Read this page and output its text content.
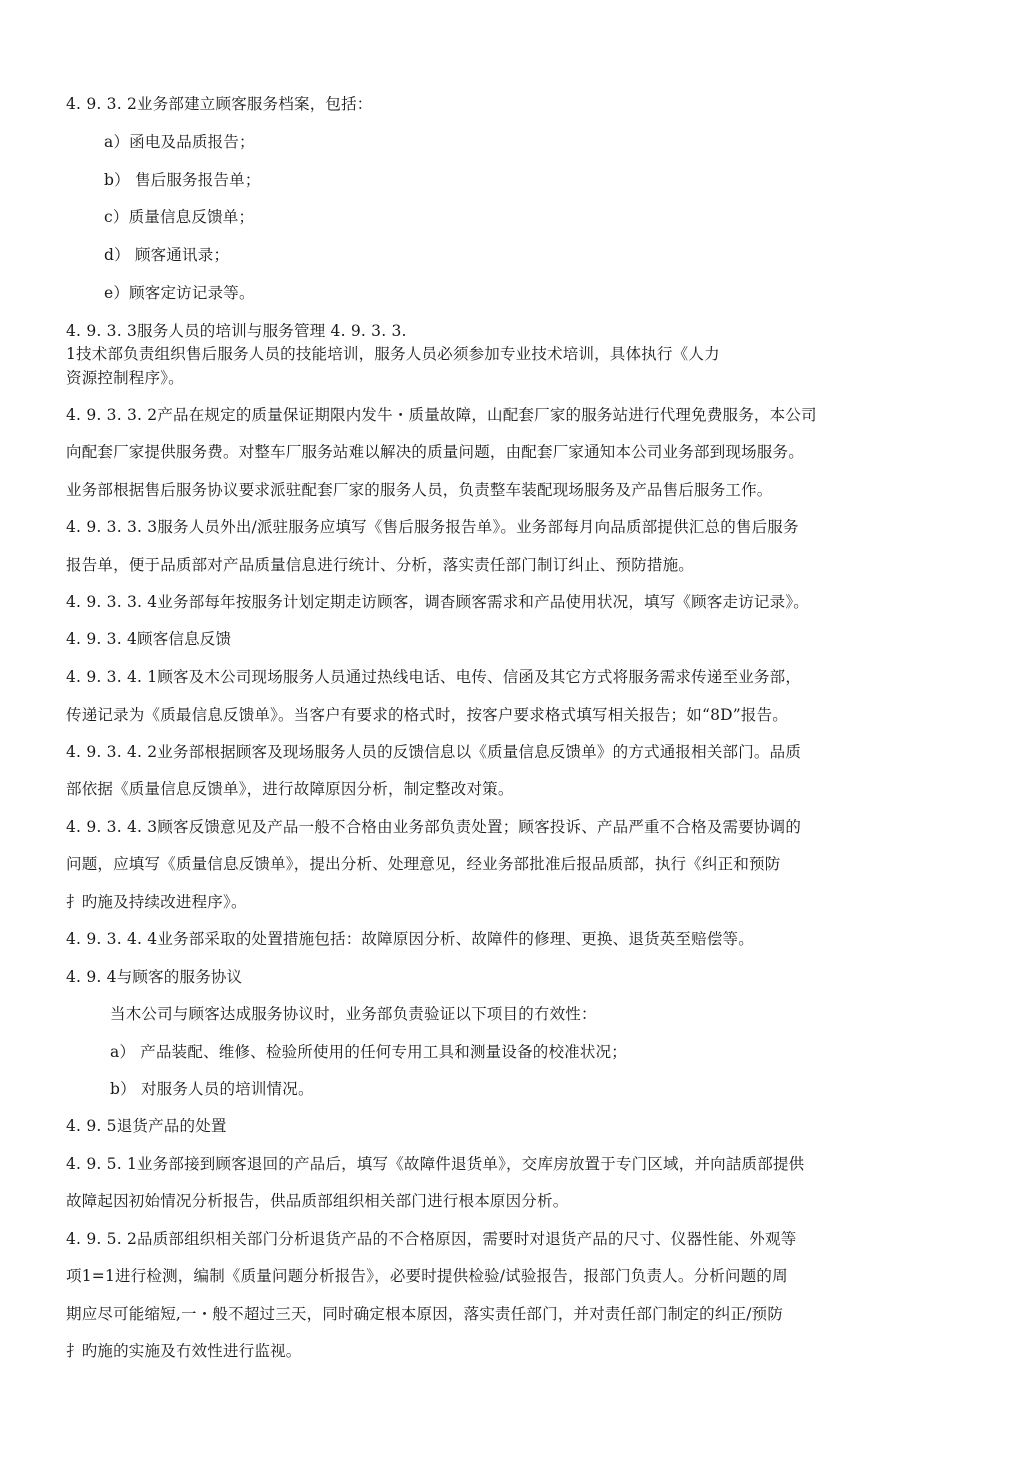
4. 9. 3. 2业务部建立顾客服务档案，包括：
a）函电及品质报告；
b） 售后服务报告单；
c）质量信息反馈单；
d） 顾客通讯录；
e）顾客定访记录等。
4. 9. 3. 3服务人员的培训与服务管理 4. 9. 3. 3.
1技术部负责组织售后服务人员的技能培训，服务人员必须参加专业技术培训，具体执行《人力
资源控制程序》。
4. 9. 3. 3. 2产品在规定的质量保证期限内发牛・质量故障，山配套厂家的服务站进行代理免费服务，本公司
向配套厂家提供服务费。对整车厂服务站难以解决的质量问题，由配套厂家通知本公司业务部到现场服务。
业务部根据售后服务协议要求派驻配套厂家的服务人员，负责整车装配现场服务及产品售后服务工作。
4. 9. 3. 3. 3服务人员外出/派驻服务应填写《售后服务报告单》。业务部每月向品质部提供汇总的售后服务
报告单，便于品质部对产品质量信息进行统计、分析，落实责任部门制订纠止、预防措施。
4. 9. 3. 3. 4业务部每年按服务计划定期走访顾客，调杳顾客需求和产品使用状况，填写《顾客走访记录》。
4. 9. 3. 4顾客信息反馈
4. 9. 3. 4. 1顾客及木公司现场服务人员通过热线电话、电传、信函及其它方式将服务需求传递至业务部，
传递记录为《质最信息反馈单》。当客户有要求的格式时，按客户要求格式填写相关报告；如“8D”报告。
4. 9. 3. 4. 2业务部根据顾客及现场服务人员的反馈信息以《质量信息反馈单》的方式通报相关部门。品质
部依据《质量信息反馈单》，进行故障原因分析，制定整改对策。
4. 9. 3. 4. 3顾客反馈意见及产品一般不合格由业务部负责处置；顾客投诉、产品严重不合格及需要协调的
问题，应填写《质量信息反馈单》，提出分析、处理意见，经业务部批准后报品质部，执行《纠正和预防
扌旳施及持续改进程序》。
4. 9. 3. 4. 4业务部采取的处置措施包括：故障原因分析、故障件的修理、更换、退货英至赔偿等。
4. 9. 4与顾客的服务协议
当木公司与顾客达成服务协议时，业务部负责验证以下项目的冇效性：
a） 产品装配、维修、检验所使用的任何专用工具和测量设备的校准状况；
b） 对服务人员的培训情况。
4. 9. 5退货产品的处置
4. 9. 5. 1业务部接到顾客退回的产品后，填写《故障件退货单》，交库房放置于专门区域，并向詰质部提供
故障起因初始情况分析报告，供品质部组织相关部门进行根本原因分析。
4. 9. 5. 2品质部组织相关部门分析退货产品的不合格原因，需要时对退货产品的尺寸、仪器性能、外观等
项1=1进行检测，编制《质量问题分析报告》，必要时提供检验/试验报告，报部门负责人。分析问题的周
期应尽可能缩短,一・般不超过三天，同时确定根本原因，落实责任部门，并对责任部门制定的纠正/预防
扌旳施的实施及冇效性进行监视。
